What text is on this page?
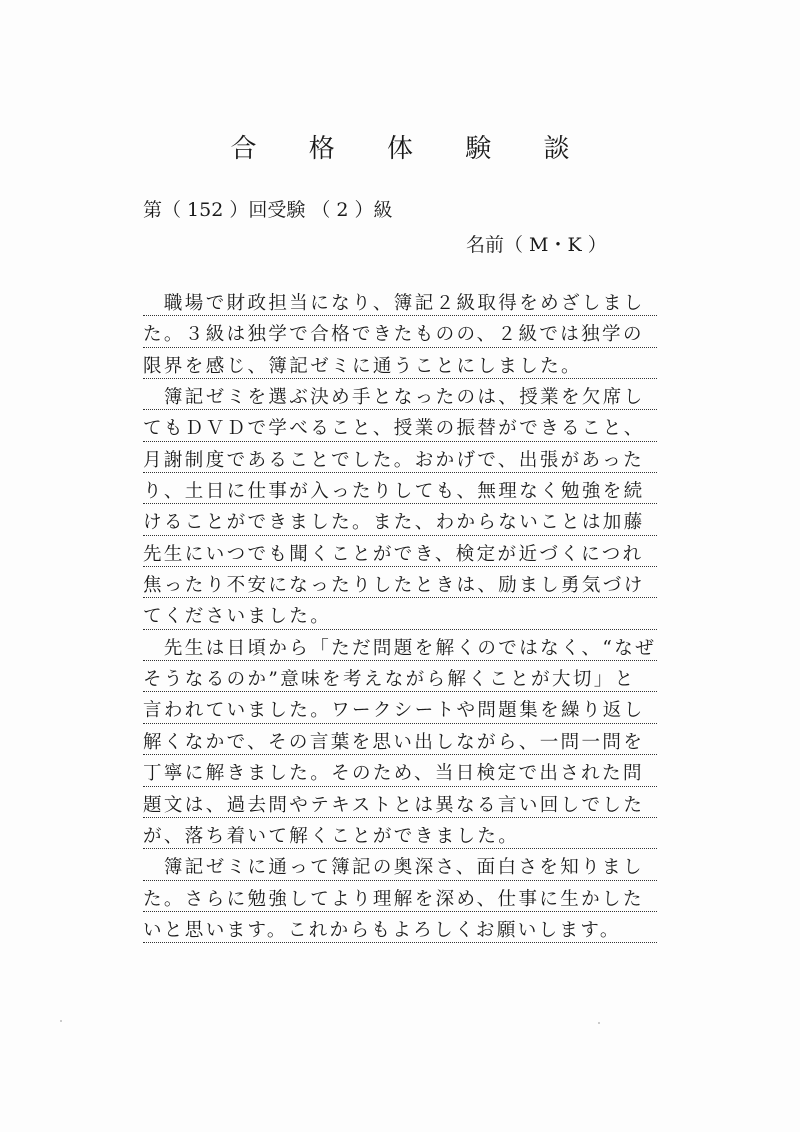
合 格 体 験 談
第（ 152 ）回受験 （ 2 ）級
名前（ M・K ）
　職場で財政担当になり、簿記２級取得をめざしまし
た。３級は独学で合格できたものの、２級では独学の
限界を感じ、簿記ゼミに通うことにしました。
　簿記ゼミを選ぶ決め手となったのは、授業を欠席し
てもＤＶＤで学べること、授業の振替ができること、
月謝制度であることでした。おかげで、出張があった
り、土日に仕事が入ったりしても、無理なく勉強を続
けることができました。また、わからないことは加藤
先生にいつでも聞くことができ、検定が近づくにつれ
焦ったり不安になったりしたときは、励まし勇気づけ
てくださいました。
　先生は日頃から「ただ問題を解くのではなく、“なぜ
そうなるのか”意味を考えながら解くことが大切」と
言われていました。ワークシートや問題集を繰り返し
解くなかで、その言葉を思い出しながら、一問一問を
丁寧に解きました。そのため、当日検定で出された問
題文は、過去問やテキストとは異なる言い回しでした
が、落ち着いて解くことができました。
　簿記ゼミに通って簿記の奥深さ、面白さを知りまし
た。さらに勉強してより理解を深め、仕事に生かした
いと思います。これからもよろしくお願いします。
